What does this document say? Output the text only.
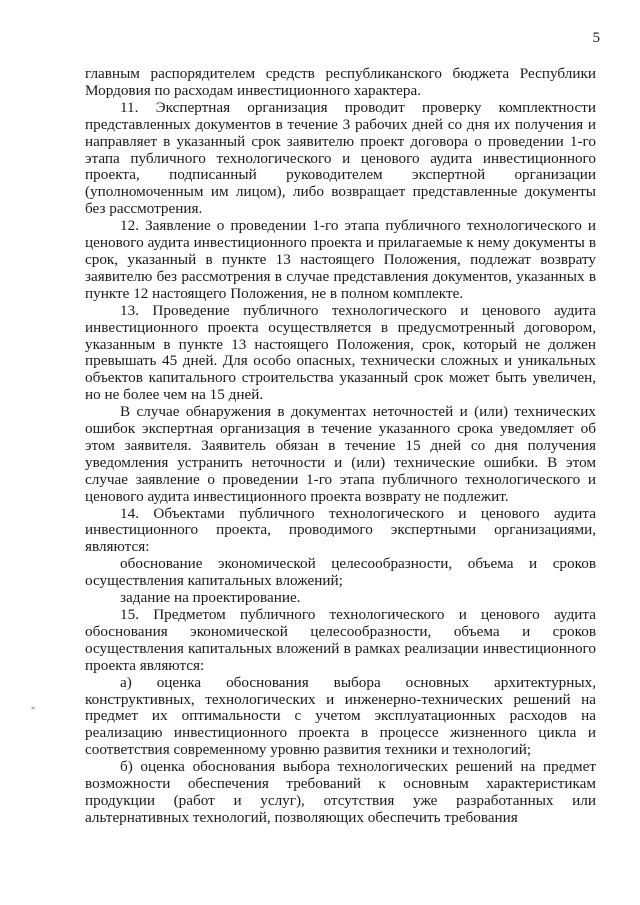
5
„

главным распорядителем средств республиканского бюджета Республики Мордовия по расходам инвестиционного характера.

11. Экспертная организация проводит проверку комплектности представленных документов в течение 3 рабочих дней со дня их получения и направляет в указанный срок заявителю проект договора о проведении 1-го этапа публичного технологического и ценового аудита инвестиционного проекта, подписанный руководителем экспертной организации (уполномоченным им лицом), либо возвращает представленные документы без рассмотрения.

12. Заявление о проведении 1-го этапа публичного технологического и ценового аудита инвестиционного проекта и прилагаемые к нему документы в срок, указанный в пункте 13 настоящего Положения, подлежат возврату заявителю без рассмотрения в случае представления документов, указанных в пункте 12 настоящего Положения, не в полном комплекте.

13. Проведение публичного технологического и ценового аудита инвестиционного проекта осуществляется в предусмотренный договором, указанным в пункте 13 настоящего Положения, срок, который не должен превышать 45 дней. Для особо опасных, технически сложных и уникальных объектов капитального строительства указанный срок может быть увеличен, но не более чем на 15 дней.

В случае обнаружения в документах неточностей и (или) технических ошибок экспертная организация в течение указанного срока уведомляет об этом заявителя. Заявитель обязан в течение 15 дней со дня получения уведомления устранить неточности и (или) технические ошибки. В этом случае заявление о проведении 1-го этапа публичного технологического и ценового аудита инвестиционного проекта возврату не подлежит.

14. Объектами публичного технологического и ценового аудита инвестиционного проекта, проводимого экспертными организациями, являются:

обоснование экономической целесообразности, объема и сроков осуществления капитальных вложений;

задание на проектирование.

15. Предметом публичного технологического и ценового аудита обоснования экономической целесообразности, объема и сроков осуществления капитальных вложений в рамках реализации инвестиционного проекта являются:

а) оценка обоснования выбора основных архитектурных, конструктивных, технологических и инженерно-технических решений на предмет их оптимальности с учетом эксплуатационных расходов на реализацию инвестиционного проекта в процессе жизненного цикла и соответствия современному уровню развития техники и технологий;

б) оценка обоснования выбора технологических решений на предмет возможности обеспечения требований к основным характеристикам продукции (работ и услуг), отсутствия уже разработанных или альтернативных технологий, позволяющих обеспечить требования
